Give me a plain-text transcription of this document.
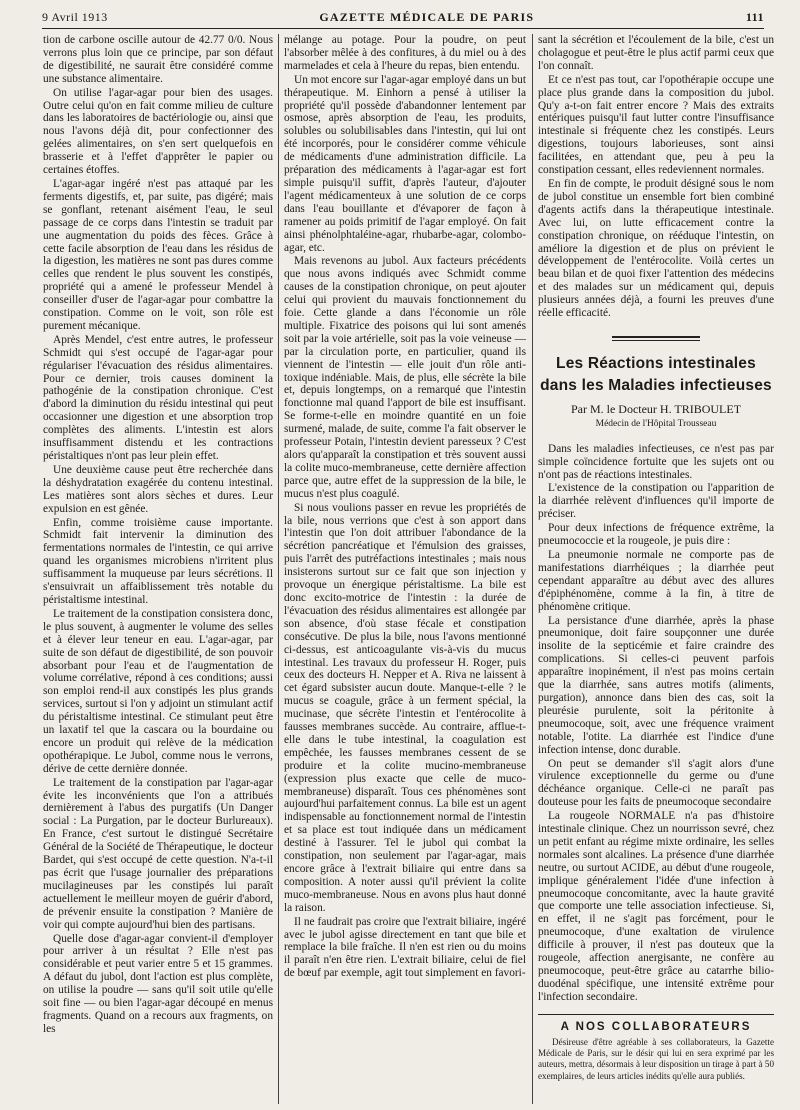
9 Avril 1913	GAZETTE MÉDICALE DE PARIS	111

tion de carbone oscille autour de 42.77 0/0. Nous verrons plus loin que ce principe, par son défaut de digestibilité, ne saurait être considéré comme une substance alimentaire.

On utilise l'agar-agar pour bien des usages. Outre celui qu'on en fait comme milieu de culture dans les laboratoires de bactériologie ou, ainsi que nous l'avons déjà dit, pour confectionner des gelées alimentaires, on s'en sert quelquefois en brasserie et à l'effet d'apprêter le papier ou certaines étoffes.

L'agar-agar ingéré n'est pas attaqué par les ferments digestifs, et, par suite, pas digéré; mais se gonflant, retenant aisément l'eau, le seul passage de ce corps dans l'intestin se traduit par une augmentation du poids des fèces. Grâce à cette facile absorption de l'eau dans les résidus de la digestion, les matières ne sont pas dures comme celles que rendent le plus souvent les constipés, propriété qui a amené le professeur Mendel à conseiller d'user de l'agar-agar pour combattre la constipation. Comme on le voit, son rôle est purement mécanique.

Après Mendel, c'est entre autres, le professeur Schmidt qui s'est occupé de l'agar-agar pour régulariser l'évacuation des résidus alimentaires. Pour ce dernier, trois causes dominent la pathogénie de la constipation chronique. C'est d'abord la diminution du résidu intestinal qui peut occasionner une digestion et une absorption trop complètes des aliments. L'intestin est alors insuffisamment distendu et les contractions péristaltiques n'ont pas leur plein effet.

Une deuxième cause peut être recherchée dans la déshydratation exagérée du contenu intestinal. Les matières sont alors sèches et dures. Leur expulsion en est gênée.

Enfin, comme troisième cause importante. Schmidt fait intervenir la diminution des fermentations normales de l'intestin, ce qui arrive quand les organismes microbiens n'irritent plus suffisamment la muqueuse par leurs sécrétions. Il s'ensuivrait un affaiblissement très notable du péristaltisme intestinal.

Le traitement de la constipation consistera donc, le plus souvent, à augmenter le volume des selles et à élever leur teneur en eau. L'agar-agar, par suite de son défaut de digestibilité, de son pouvoir absorbant pour l'eau et de l'augmentation de volume corrélative, répond à ces conditions; aussi son emploi rend-il aux constipés les plus grands services, surtout si l'on y adjoint un stimulant actif du péristaltisme intestinal. Ce stimulant peut être un laxatif tel que la cascara ou la bourdaine ou encore un produit qui relève de la médication opothérapique. Le Jubol, comme nous le verrons, dérive de cette dernière donnée.

Le traitement de la constipation par l'agar-agar évite les inconvénients que l'on a attribués dernièrement à l'abus des purgatifs (Un Danger social : La Purgation, par le docteur Burlureaux). En France, c'est surtout le distingué Secrétaire Général de la Société de Thérapeutique, le docteur Bardet, qui s'est occupé de cette question. N'a-t-il pas écrit que l'usage journalier des préparations mucilagineuses par les constipés lui paraît actuellement le meilleur moyen de guérir d'abord, de prévenir ensuite la constipation ? Manière de voir qui compte aujourd'hui bien des partisans.

Quelle dose d'agar-agar convient-il d'employer pour arriver à un résultat ? Elle n'est pas considérable et peut varier entre 5 et 15 grammes. A défaut du jubol, dont l'action est plus complète, on utilise la poudre — sans qu'il soit utile qu'elle soit fine — ou bien l'agar-agar découpé en menus fragments. Quand on a recours aux fragments, on les

mélange au potage. Pour la poudre, on peut l'absorber mêlée à des confitures, à du miel ou à des marmelades et cela à l'heure du repas, bien entendu.

Un mot encore sur l'agar-agar employé dans un but thérapeutique. M. Einhorn a pensé à utiliser la propriété qu'il possède d'abandonner lentement par osmose, après absorption de l'eau, les produits, solubles ou solubilisables dans l'intestin, qui lui ont été incorporés, pour le considérer comme véhicule de médicaments d'une administration difficile. La préparation des médicaments à l'agar-agar est fort simple puisqu'il suffit, d'après l'auteur, d'ajouter l'agent médicamenteux à une solution de ce corps dans l'eau bouillante et d'évaporer de façon à ramener au poids primitif de l'agar employé. On fait ainsi phénolphtaléine-agar, rhubarbe-agar, colombo-agar, etc.

Mais revenons au jubol. Aux facteurs précédents que nous avons indiqués avec Schmidt comme causes de la constipation chronique, on peut ajouter celui qui provient du mauvais fonctionnement du foie. Cette glande a dans l'économie un rôle multiple. Fixatrice des poisons qui lui sont amenés soit par la voie artérielle, soit pas la voie veineuse — par la circulation porte, en particulier, quand ils viennent de l'intestin — elle jouit d'un rôle anti-toxique indéniable. Mais, de plus, elle sécrète la bile et, depuis longtemps, on a remarqué que l'intestin fonctionne mal quand l'apport de bile est insuffisant. Se forme-t-elle en moindre quantité en un foie surmené, malade, de suite, comme l'a fait observer le professeur Potain, l'intestin devient paresseux ? C'est alors qu'apparaît la constipation et très souvent aussi la colite muco-membraneuse, cette dernière affection parce que, autre effet de la suppression de la bile, le mucus n'est plus coagulé.

Si nous voulions passer en revue les propriétés de la bile, nous verrions que c'est à son apport dans l'intestin que l'on doit attribuer l'abondance de la sécrétion pancréatique et l'émulsion des graisses, puis l'arrêt des putréfactions intestinales ; mais nous insisterons surtout sur ce fait que son injection y provoque un énergique péristaltisme. La bile est donc excito-motrice de l'intestin : la durée de l'évacuation des résidus alimentaires est allongée par son absence, d'où stase fécale et constipation consécutive. De plus la bile, nous l'avons mentionné ci-dessus, est anticoagulante vis-à-vis du mucus intestinal. Les travaux du professeur H. Roger, puis ceux des docteurs H. Nepper et A. Riva ne laissent à cet égard subsister aucun doute. Manque-t-elle ? le mucus se coagule, grâce à un ferment spécial, la mucinase, que sécrète l'intestin et l'entérocolite à fausses membranes succède. Au contraire, afflue-t-elle dans le tube intestinal, la coagulation est empêchée, les fausses membranes cessent de se produire et la colite mucino-membraneuse (expression plus exacte que celle de muco-membraneuse) disparaît. Tous ces phénomènes sont aujourd'hui parfaitement connus. La bile est un agent indispensable au fonctionnement normal de l'intestin et sa place est tout indiquée dans un médicament destiné à l'assurer. Tel le jubol qui combat la constipation, non seulement par l'agar-agar, mais encore grâce à l'extrait biliaire qui entre dans sa composition. A noter aussi qu'il prévient la colite muco-membraneuse. Nous en avons plus haut donné la raison.

Il ne faudrait pas croire que l'extrait biliaire, ingéré avec le jubol agisse directement en tant que bile et remplace la bile fraîche. Il n'en est rien ou du moins il paraît n'en être rien. L'extrait biliaire, celui de fiel de bœuf par exemple, agit tout simplement en favori-

sant la sécrétion et l'écoulement de la bile, c'est un cholagogue et peut-être le plus actif parmi ceux que l'on connaît.

Et ce n'est pas tout, car l'opothérapie occupe une place plus grande dans la composition du jubol. Qu'y a-t-on fait entrer encore ? Mais des extraits entériques puisqu'il faut lutter contre l'insuffisance intestinale si fréquente chez les constipés. Leurs digestions, toujours laborieuses, sont ainsi facilitées, en attendant que, peu à peu la constipation cessant, elles redeviennent normales.

En fin de compte, le produit désigné sous le nom de jubol constitue un ensemble fort bien combiné d'agents actifs dans la thérapeutique intestinale. Avec lui, on lutte efficacement contre la constipation chronique, on rééduque l'intestin, on améliore la digestion et de plus on prévient le développement de l'entérocolite. Voilà certes un beau bilan et de quoi fixer l'attention des médecins et des malades sur un médicament qui, depuis plusieurs années déjà, a fourni les preuves d'une réelle efficacité.

Les Réactions intestinales
dans les Maladies infectieuses
Par M. le Docteur H. TRIBOULET
Médecin de l'Hôpital Trousseau

Dans les maladies infectieuses, ce n'est pas par simple coïncidence fortuite que les sujets ont ou n'ont pas de réactions intestinales.

L'existence de la constipation ou l'apparition de la diarrhée relèvent d'influences qu'il importe de préciser.

Pour deux infections de fréquence extrême, la pneumococcie et la rougeole, je puis dire :

La pneumonie normale ne comporte pas de manifestations diarrhéiques ; la diarrhée peut cependant apparaître au début avec des allures d'épiphénomène, comme à la fin, à titre de phénomène critique.

La persistance d'une diarrhée, après la phase pneumonique, doit faire soupçonner une durée insolite de la septicémie et faire craindre des complications. Si celles-ci peuvent parfois apparaître inopinément, il n'est pas moins certain que la diarrhée, sans autres motifs (aliments, purgation), annonce dans bien des cas, soit la pleurésie purulente, soit la péritonite à pneumocoque, soit, avec une fréquence vraiment notable, l'otite. La diarrhée est l'indice d'une infection intense, donc durable.

On peut se demander s'il s'agit alors d'une virulence exceptionnelle du germe ou d'une déchéance organique. Celle-ci ne paraît pas douteuse pour les faits de pneumocoque secondaire

La rougeole NORMALE n'a pas d'histoire intestinale clinique. Chez un nourrisson sevré, chez un petit enfant au régime mixte ordinaire, les selles normales sont alcalines. La présence d'une diarrhée neutre, ou surtout ACIDE, au début d'une rougeole, implique généralement l'idée d'une infection à pneumocoque concomitante, avec la haute gravité que comporte une telle association infectieuse. Si, en effet, il ne s'agit pas forcément, pour le pneumocoque, d'une exaltation de virulence difficile à prouver, il n'est pas douteux que la rougeole, affection anergisante, ne confère au pneumocoque, peut-être grâce au catarrhe bilio-duodénal spécifique, une intensité extrême pour l'infection secondaire.

A NOS COLLABORATEURS
Désireuse d'être agréable à ses collaborateurs, la Gazette Médicale de Paris, sur le désir qui lui en sera exprimé par les auteurs, mettra, désormais à leur disposition un tirage à part à 50 exemplaires, de leurs articles inédits qu'elle aura publiés.
